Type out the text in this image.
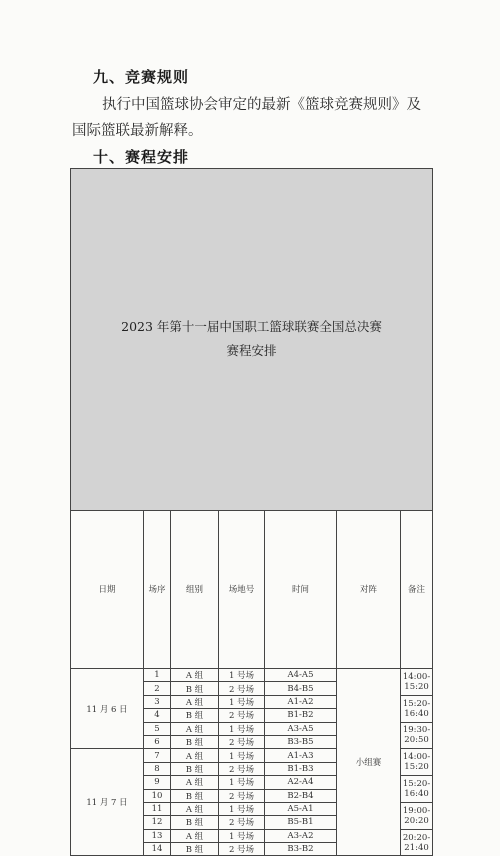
九、竞赛规则

执行中国篮球协会审定的最新《篮球竞赛规则》及国际篮联最新解释。

十、赛程安排
2023 年第十一届中国职工篮球联赛全国总决赛
赛程安排						

日期	场序	组别	场地号	时间	对阵	备注
11 月 6 日	1	A 组	1 号场	A4-A5	小组赛	
						14:00-15:20
	2	B 组	2 号场	B4-B5		

	3	A 组	1 号场	A1-A2		
						15:20-16:40
	4	B 组	2 号场	B1-B2		

	5	A 组	1 号场	A3-A5		
						19:30-20:50
	6	B 组	2 号场	B3-B5		

11 月 7 日	7	A 组	1 号场	A1-A3		
						14:00-15:20
	8	B 组	2 号场	B1-B3		

	9	A 组	1 号场	A2-A4		
						15:20-16:40
	10	B 组	2 号场	B2-B4		

	11	A 组	1 号场	A5-A1		
						19:00-20:20
	12	B 组	2 号场	B5-B1		

	13	A 组	1 号场	A3-A2		
						20:20-21:40
	14	B 组	2 号场	B3-B2		
